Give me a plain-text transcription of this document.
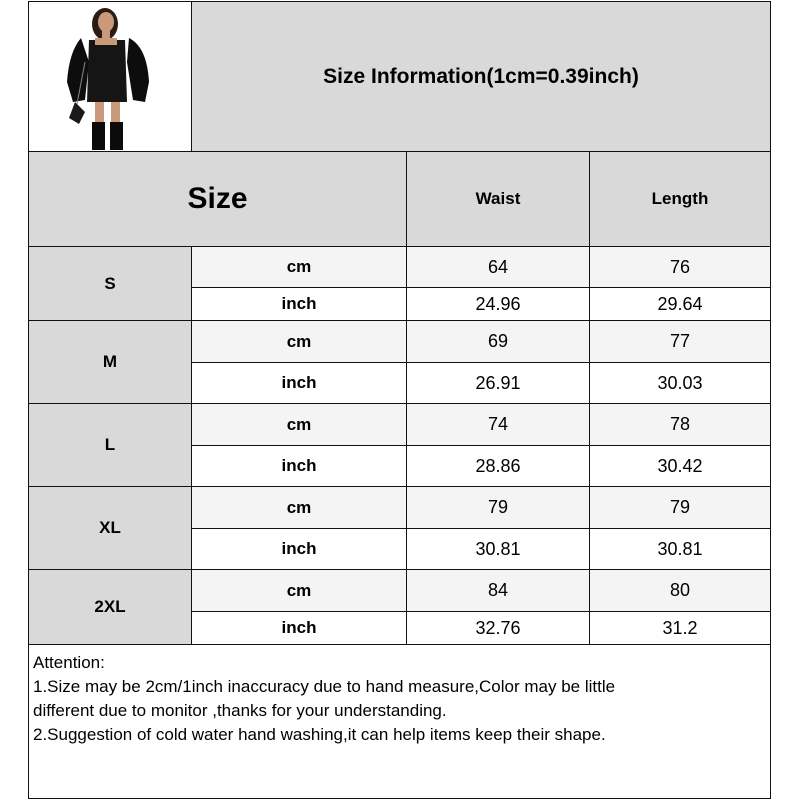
Size Information(1cm=0.39inch)
Size	Waist	Length
S
cm	64	76
inch	24.96	29.64
M
cm	69	77
inch	26.91	30.03
L
cm	74	78
inch	28.86	30.42
XL
cm	79	79
inch	30.81	30.81
2XL
cm	84	80
inch	32.76	31.2
Attention:
1.Size may be 2cm/1inch inaccuracy due to hand measure,Color may be little
different due to monitor ,thanks for your understanding.
2.Suggestion of cold water hand washing,it can help items keep their shape.
